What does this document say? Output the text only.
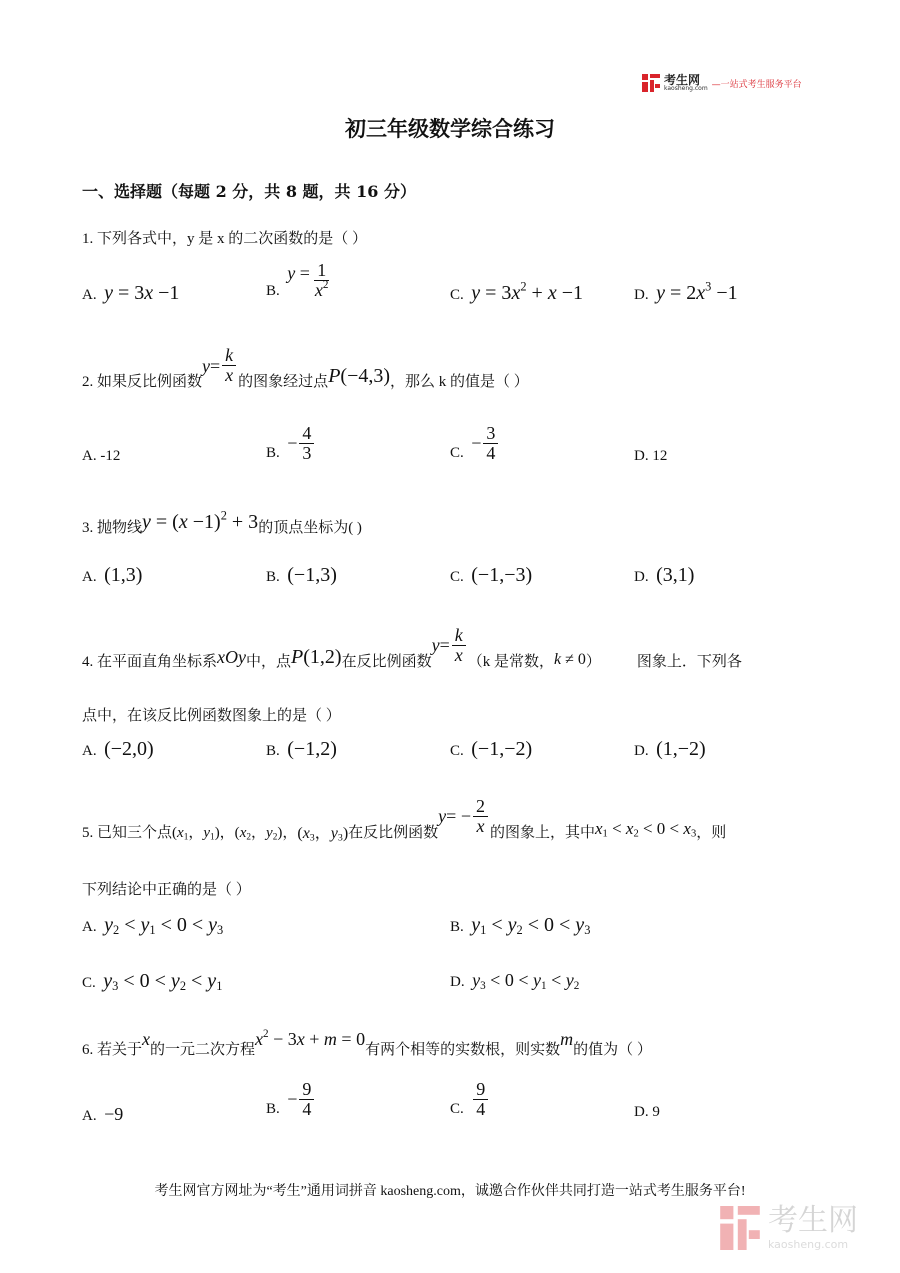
考生网
kaosheng.com —一站式考生服务平台
初三年级数学综合练习
一、选择题（每题 2 分，共 8 题，共 16 分）
1. 下列各式中，y 是 x 的二次函数的是（ ）
A. y = 3x −1	B.

$y = \frac{1}{x^2}$	C. $y = 3x^2 + x -1$	D. $y = 2x^3 -1$
2. 如果反比例函数
$y= \frac{k}{x}$ 的图象经过点 P(−4,3) ，那么 k 的值是（ ）
A. -12	B.
− $\frac{4}{3}$	C.
− $\frac{3}{4}$	D. 12
3. 抛物线 $y = (x -1)^2 + 3$ 的顶点坐标为( )
A. (1,3)	B. (−1,3)	C. (−1,−3)	D. (3,1)
4. 在平面直角坐标系 xOy 中，点 P(1,2) 在反比例函数
$y= \frac{k}{x} (k$ 是常数， k ≠ 0 ） 图象上．下列各
点中，在该反比例函数图象上的是（ ）
A. (−2,0)	B. (−1,2)	C. (−1,−2)	D. (1,−2)
5. 已知三个点 ($x_1$，$y_1$)，($x_2$，$y_2$)， ($x_3$，$y_3$) 在反比例函数
$y= - \frac{2}{x}$ 的图象上，其中 $x_1 < x_2 < 0 < x_3$ ，则
下列结论中正确的是（ ）
A. $y_2 < y_1 < 0 < y_3$	B. $y_1 < y_2 < 0 < y_3$
C. $y_3 < 0 < y_2 < y_1$	D. $y_3 < 0 < y_1 < y_2$
6. 若关于
x
的一元二次方程
$x^2 - 3x + m = 0$
有两个相等的实数根，则实数
m
的值为（ ）
A. −9	B.
− $\frac{9}{4}$	C.
$\frac{9}{4}$	D. 9
考生网官方网址为“考生”通用词拼音 kaosheng.com，诚邀合作伙伴共同打造一站式考生服务平台!
考生网
kaosheng.com
